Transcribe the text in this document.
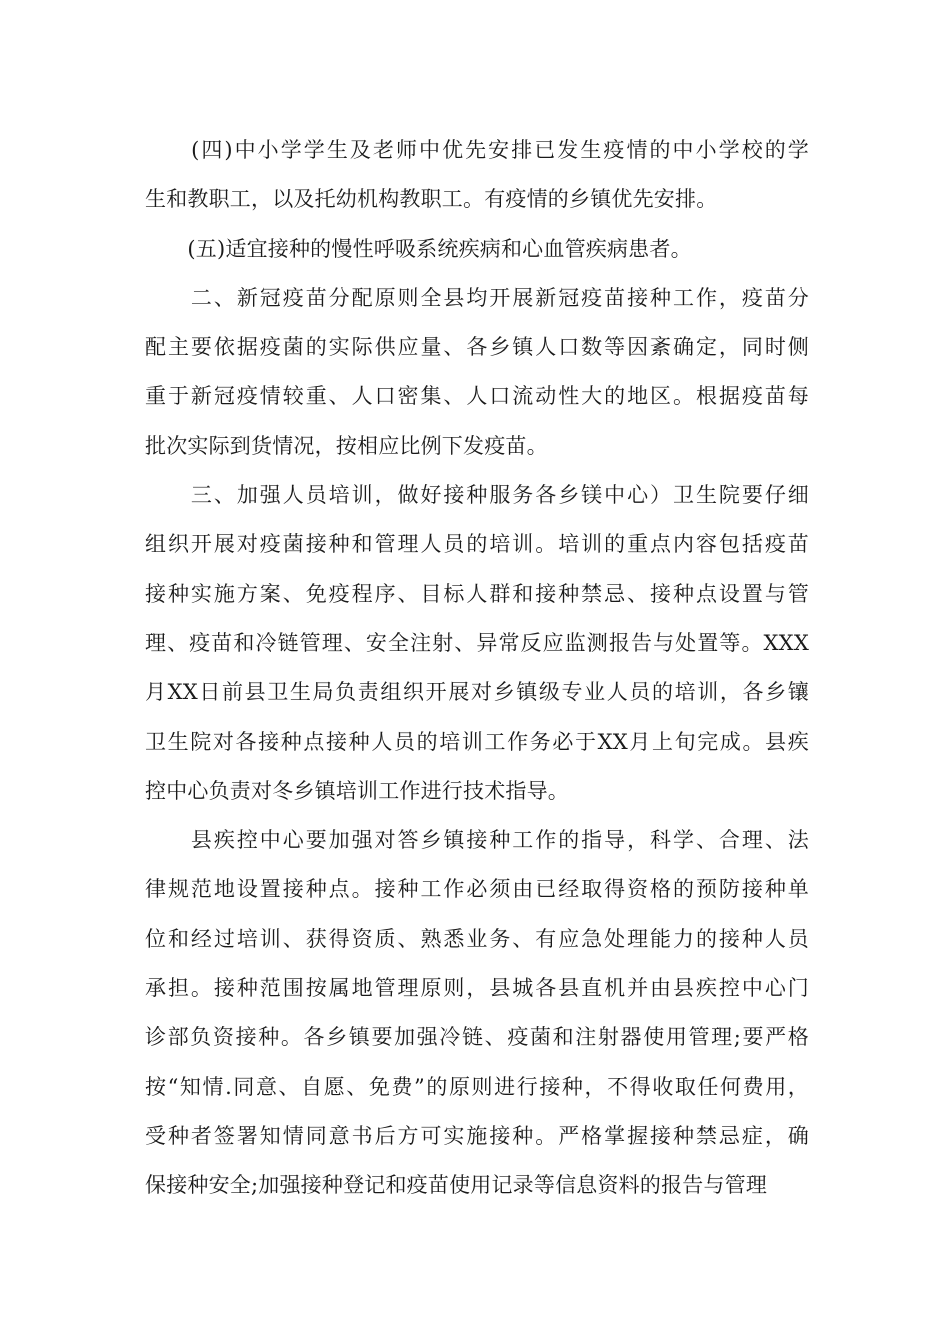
　　(四)中小学学生及老师中优先安排已发生疫情的中小学校的学
生和教职工，以及托幼机构教职工。有疫情的乡镇优先安排。
　　(五)适宜接种的慢性呼吸系统疾病和心血管疾病患者。
　　二、新冠疫苗分配原则全县均开展新冠疫苗接种工作，疫苗分
配主要依据疫菌的实际供应量、各乡镇人口数等因紊确定，同时侧
重于新冠疫情较重、人口密集、人口流动性大的地区。根据疫苗每
批次实际到货情况，按相应比例下发疫苗。
　　三、加强人员培训，做好接种服务各乡镁中心）卫生院要仔细
组织开展对疫菌接种和管理人员的培训。培训的重点内容包括疫苗
接种实施方案、免疫程序、目标人群和接种禁忌、接种点设置与管
理、疫苗和冷链管理、安全注射、异常反应监测报告与处置等。XXX
月XX日前县卫生局负责组织开展对乡镇级专业人员的培训，各乡镶
卫生院对各接种点接种人员的培训工作务必于XX月上旬完成。县疾
控中心负责对冬乡镇培训工作进行技术指导。
　　县疾控中心要加强对答乡镇接种工作的指导，科学、合理、法
律规范地设置接种点。接种工作必须由已经取得资格的预防接种单
位和经过培训、获得资质、熟悉业务、有应急处理能力的接种人员
承担。接种范围按属地管理原则，县城各县直机并由县疾控中心门
诊部负资接种。各乡镇要加强冷链、疫菌和注射器使用管理;要严格
按“知情.同意、自愿、免费”的原则进行接种，不得收取任何费用，
受种者签署知情同意书后方可实施接种。严格掌握接种禁忌症，确
保接种安全;加强接种登记和疫苗使用记录等信息资料的报告与管理
